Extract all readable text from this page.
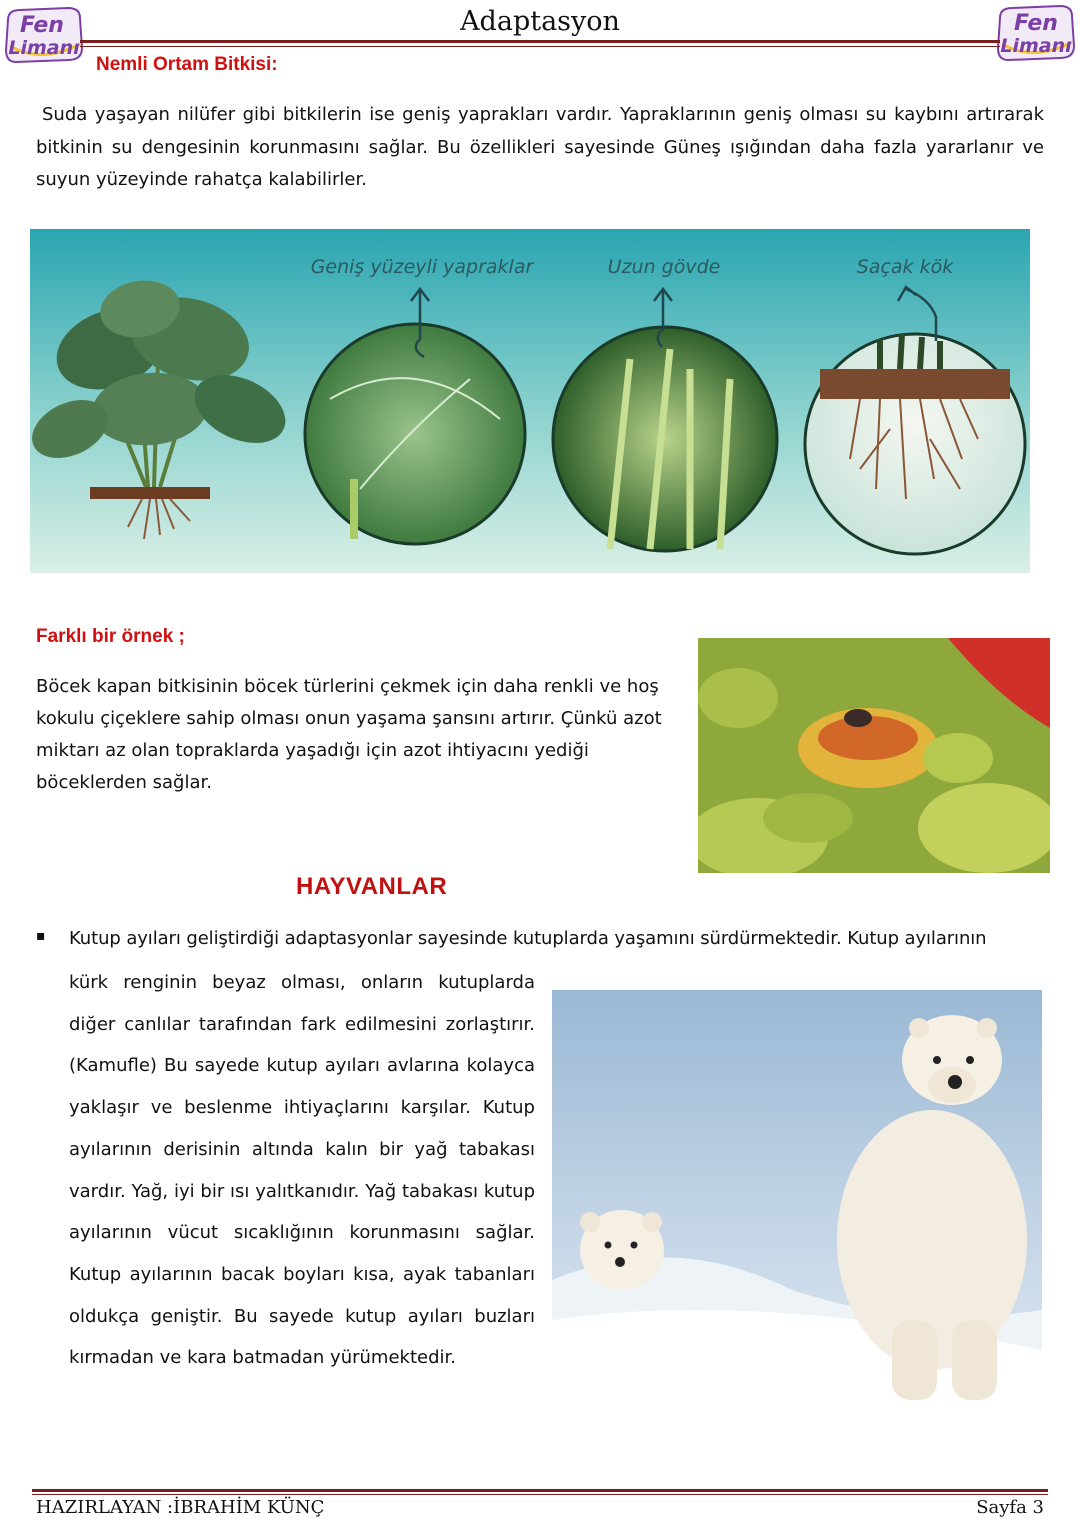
Fen
Limanı
Adaptasyon	Fen
Limanı
Nemli Ortam Bitkisi:
Suda yaşayan nilüfer gibi bitkilerin ise geniş yaprakları vardır. Yapraklarının geniş olması su kaybını artırarak bitkinin su dengesinin korunmasını sağlar. Bu özellikleri sayesinde Güneş ışığından daha fazla yararlanır ve suyun yüzeyinde rahatça kalabilirler.
Geniş yüzeyli yapraklar	Uzun gövde	Saçak kök
Farklı bir örnek ;
Böcek kapan bitkisinin böcek türlerini çekmek için daha renkli ve hoş kokulu çiçeklere sahip olması onun yaşama şansını artırır. Çünkü azot miktarı az olan topraklarda yaşadığı için azot ihtiyacını yediği böceklerden sağlar.
HAYVANLAR
▪ Kutup ayıları geliştirdiği adaptasyonlar sayesinde kutuplarda yaşamını sürdürmektedir. Kutup ayılarının
kürk renginin beyaz olması, onların kutuplarda diğer canlılar tarafından fark edilmesini zorlaştırır.(Kamufle) Bu sayede kutup ayıları avlarına kolayca yaklaşır ve beslenme ihtiyaçlarını karşılar. Kutup ayılarının derisinin altında kalın bir yağ tabakası vardır. Yağ, iyi bir ısı yalıtkanıdır. Yağ tabakası kutup ayılarının vücut sıcaklığının korunmasını sağlar. Kutup ayılarının bacak boyları kısa, ayak tabanları oldukça geniştir. Bu sayede kutup ayıları buzları kırmadan ve kara batmadan yürümektedir.
HAZIRLAYAN :İBRAHİM KÜNÇ	Sayfa 3
